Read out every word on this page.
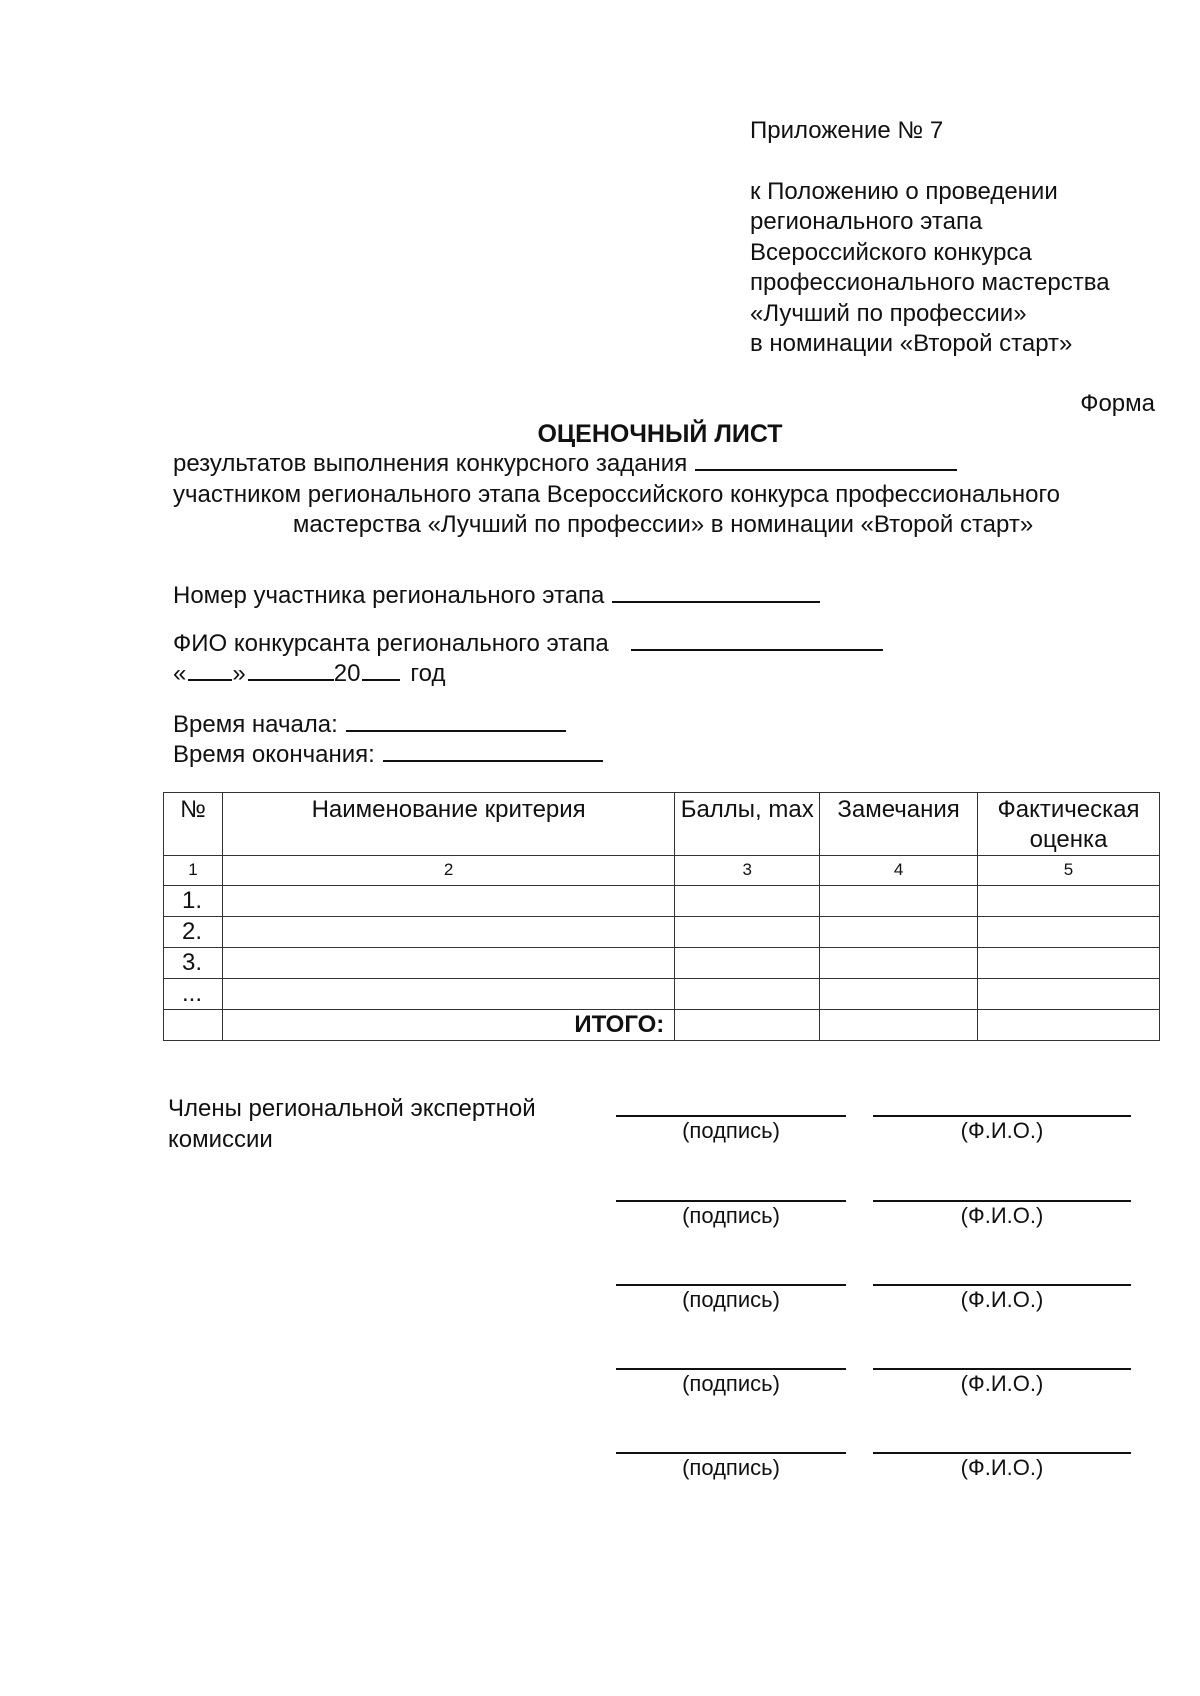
Приложение № 7
к Положению о проведении
регионального этапа
Всероссийского конкурса
профессионального мастерства
«Лучший по профессии»
в номинации «Второй старт»
Форма
ОЦЕНОЧНЫЙ ЛИСТ
результатов выполнения конкурсного задания
участником регионального этапа Всероссийского конкурса профессионального
мастерства «Лучший по профессии» в номинации «Второй старт»
Номер участника регионального этапа
ФИО конкурсанта регионального этапа
« »	20 год
Время начала:
Время окончания:
№	Наименование критерия	Баллы, max	Замечания	Фактическая оценка
1	2	3	4	5
1.				
2.				
3.				
...				
	ИТОГО:			
Члены региональной экспертной
комиссии	(подпись)	(Ф.И.О.)
(подпись)	(Ф.И.О.)
(подпись)	(Ф.И.О.)
(подпись)	(Ф.И.О.)
(подпись)	(Ф.И.О.)
